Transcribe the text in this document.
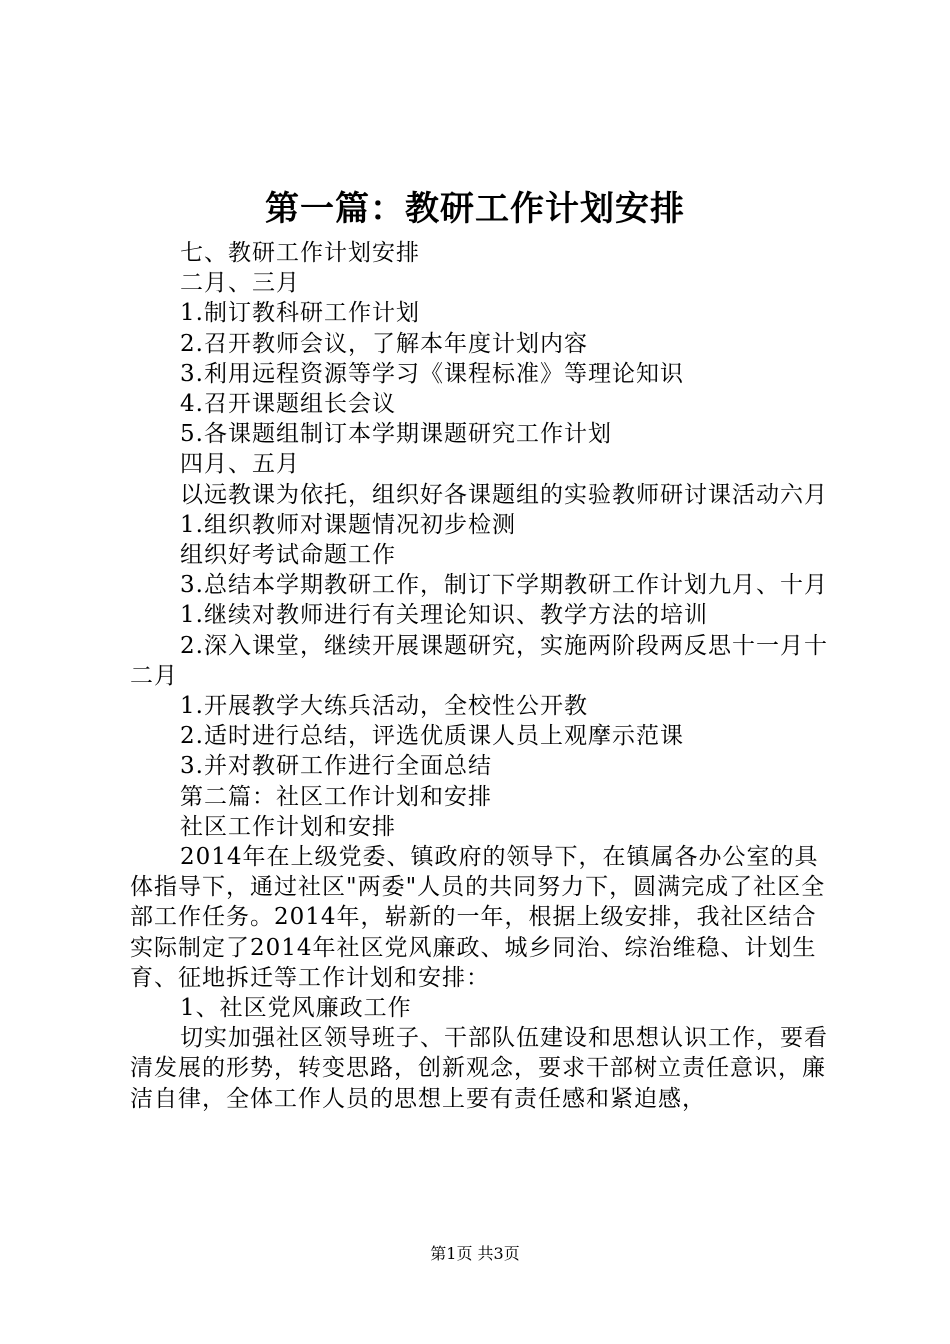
第一篇：教研工作计划安排

七、教研工作计划安排

二月、三月

1.制订教科研工作计划

2.召开教师会议，了解本年度计划内容

3.利用远程资源等学习《课程标准》等理论知识

4.召开课题组长会议

5.各课题组制订本学期课题研究工作计划

四月、五月

以远教课为依托，组织好各课题组的实验教师研讨课活动六月

1.组织教师对课题情况初步检测

组织好考试命题工作

3.总结本学期教研工作，制订下学期教研工作计划九月、十月

1.继续对教师进行有关理论知识、教学方法的培训

2.深入课堂，继续开展课题研究，实施两阶段两反思十一月十二月

1.开展教学大练兵活动，全校性公开教

2.适时进行总结，评选优质课人员上观摩示范课

3.并对教研工作进行全面总结

第二篇：社区工作计划和安排

社区工作计划和安排

2014年在上级党委、镇政府的领导下，在镇属各办公室的具体指导下，通过社区"两委"人员的共同努力下，圆满完成了社区全部工作任务。2014年，崭新的一年，根据上级安排，我社区结合实际制定了2014年社区党风廉政、城乡同治、综治维稳、计划生育、征地拆迁等工作计划和安排：

1、社区党风廉政工作

切实加强社区领导班子、干部队伍建设和思想认识工作，要看清发展的形势，转变思路，创新观念，要求干部树立责任意识，廉洁自律，全体工作人员的思想上要有责任感和紧迫感，

第1页 共3页
